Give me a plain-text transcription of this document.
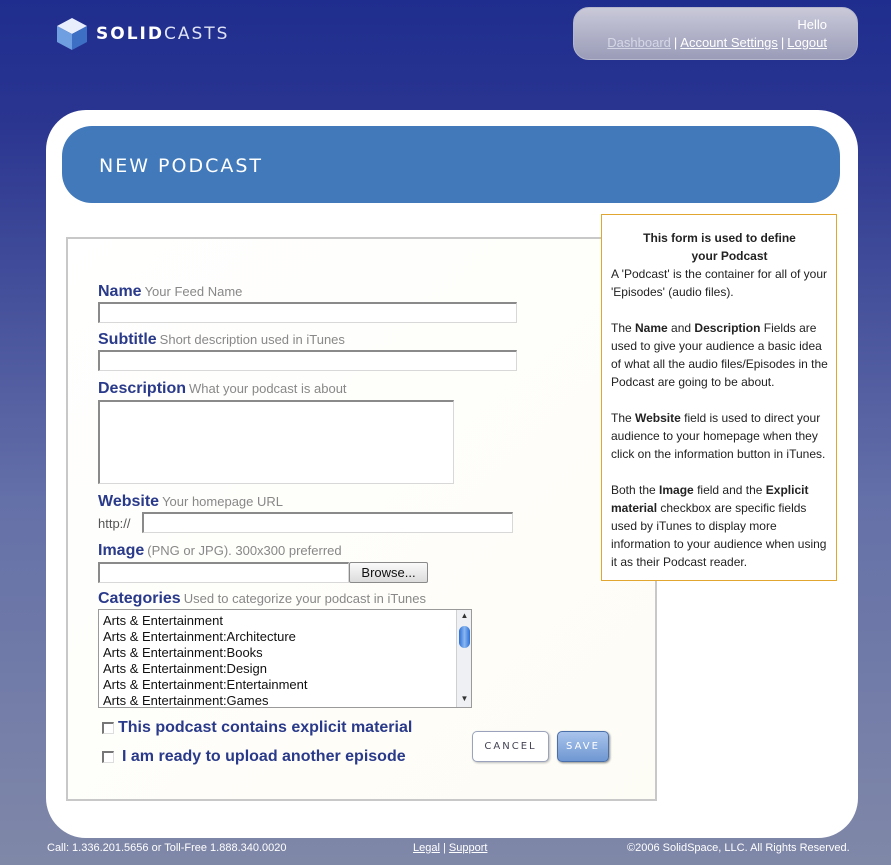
SOLIDCASTS	Hello
Dashboard | Account Settings | Logout
NEW PODCAST
Name Your Feed Name
Subtitle Short description used in iTunes
Description What your podcast is about
Website Your homepage URL
http://
Image (PNG or JPG). 300x300 preferred
Browse...
Categories Used to categorize your podcast in iTunes
Arts & Entertainment
Arts & Entertainment:Architecture
Arts & Entertainment:Books
Arts & Entertainment:Design
Arts & Entertainment:Entertainment
Arts & Entertainment:Games
▲
▼
This podcast contains explicit material
I am ready to upload another episode
CANCEL	SAVE
This form is used to define
your Podcast

A 'Podcast' is the container for all of your 'Episodes' (audio files).

The Name and Description Fields are used to give your audience a basic idea of what all the audio files/Episodes in the Podcast are going to be about.

The Website field is used to direct your audience to your homepage when they click on the information button in iTunes.

Both the Image field and the Explicit material checkbox are specific fields used by iTunes to display more information to your audience when using it as their Podcast reader.

Call: 1.336.201.5656 or Toll-Free 1.888.340.0020	Legal | Support	©2006 SolidSpace, LLC. All Rights Reserved.
